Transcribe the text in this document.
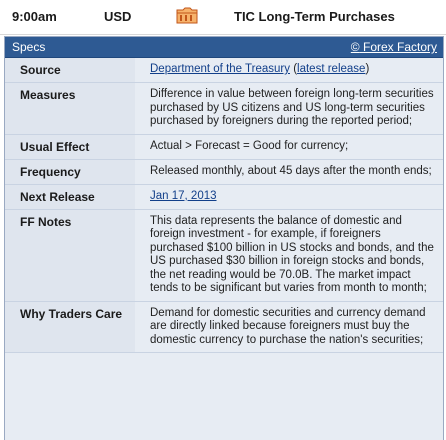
9:00am	USD	TIC Long-Term Purchases
Specs	© Forex Factory
Source	Department of the Treasury (latest release)
Measures	Difference in value between foreign long-term securities purchased by US citizens and US long-term securities purchased by foreigners during the reported period;
Usual Effect	Actual > Forecast = Good for currency;
Frequency	Released monthly, about 45 days after the month ends;
Next Release	Jan 17, 2013
FF Notes	This data represents the balance of domestic and foreign investment - for example, if foreigners purchased $100 billion in US stocks and bonds, and the US purchased $30 billion in foreign stocks and bonds, the net reading would be 70.0B. The market impact tends to be significant but varies from month to month;
Why Traders Care	Demand for domestic securities and currency demand are directly linked because foreigners must buy the domestic currency to purchase the nation's securities;
